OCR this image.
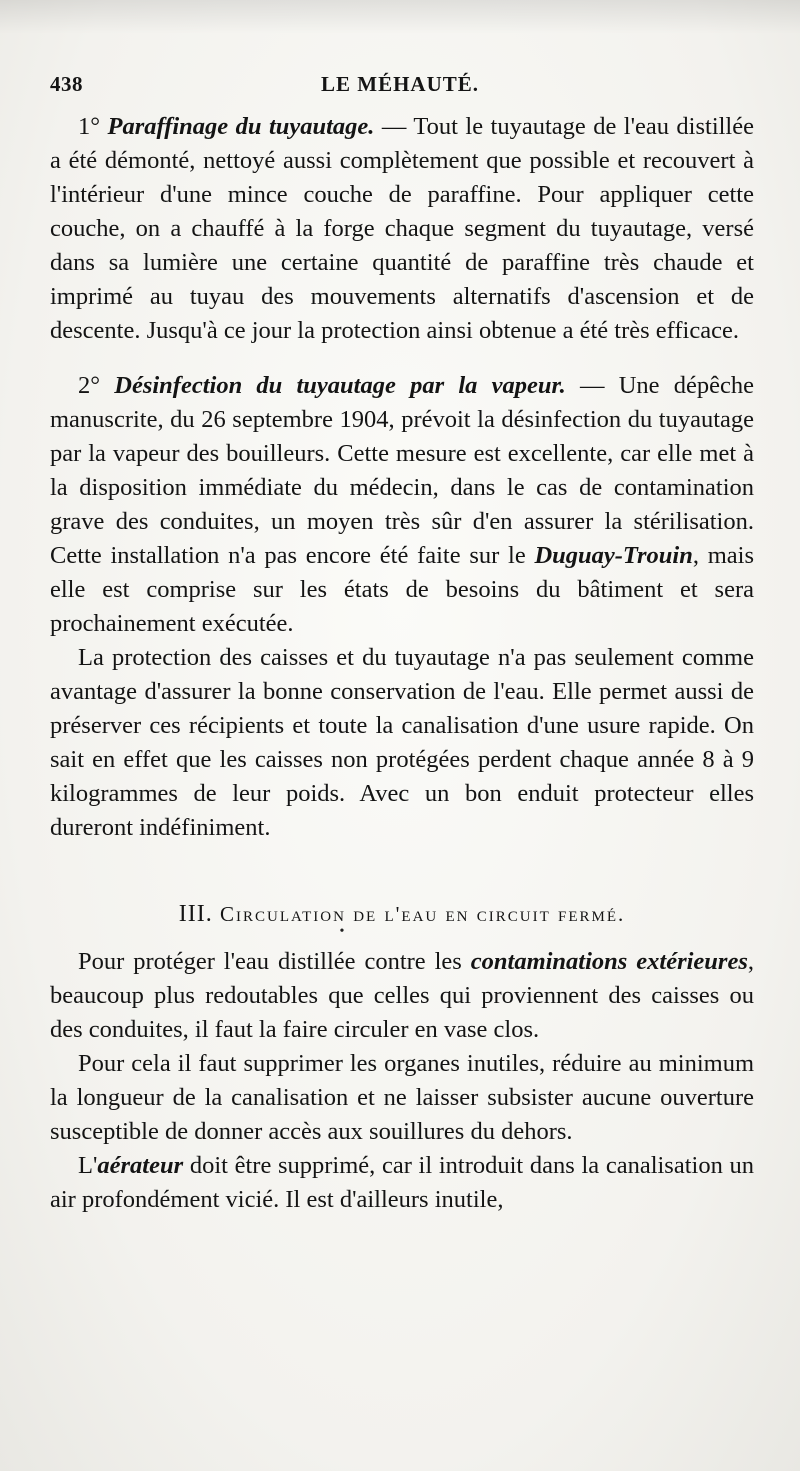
438	LE MÉHAUTÉ.

1° Paraffinage du tuyautage. — Tout le tuyautage de l'eau distillée a été démonté, nettoyé aussi complètement que possible et recouvert à l'intérieur d'une mince couche de paraffine. Pour appliquer cette couche, on a chauffé à la forge chaque segment du tuyautage, versé dans sa lumière une certaine quantité de paraffine très chaude et imprimé au tuyau des mouvements alternatifs d'ascension et de descente. Jusqu'à ce jour la protection ainsi obtenue a été très efficace.

2° Désinfection du tuyautage par la vapeur. — Une dépêche manuscrite, du 26 septembre 1904, prévoit la désinfection du tuyautage par la vapeur des bouilleurs. Cette mesure est excellente, car elle met à la disposition immédiate du médecin, dans le cas de contamination grave des conduites, un moyen très sûr d'en assurer la stérilisation. Cette installation n'a pas encore été faite sur le Duguay-Trouin, mais elle est comprise sur les états de besoins du bâtiment et sera prochainement exécutée.

La protection des caisses et du tuyautage n'a pas seulement comme avantage d'assurer la bonne conservation de l'eau. Elle permet aussi de préserver ces récipients et toute la canalisation d'une usure rapide. On sait en effet que les caisses non protégées perdent chaque année 8 à 9 kilogrammes de leur poids. Avec un bon enduit protecteur elles dureront indéfiniment.

III. Circulation de l'eau en circuit fermé.
•

Pour protéger l'eau distillée contre les contaminations extérieures, beaucoup plus redoutables que celles qui proviennent des caisses ou des conduites, il faut la faire circuler en vase clos.

Pour cela il faut supprimer les organes inutiles, réduire au minimum la longueur de la canalisation et ne laisser subsister aucune ouverture susceptible de donner accès aux souillures du dehors.

L'aérateur doit être supprimé, car il introduit dans la canalisation un air profondément vicié. Il est d'ailleurs inutile,
